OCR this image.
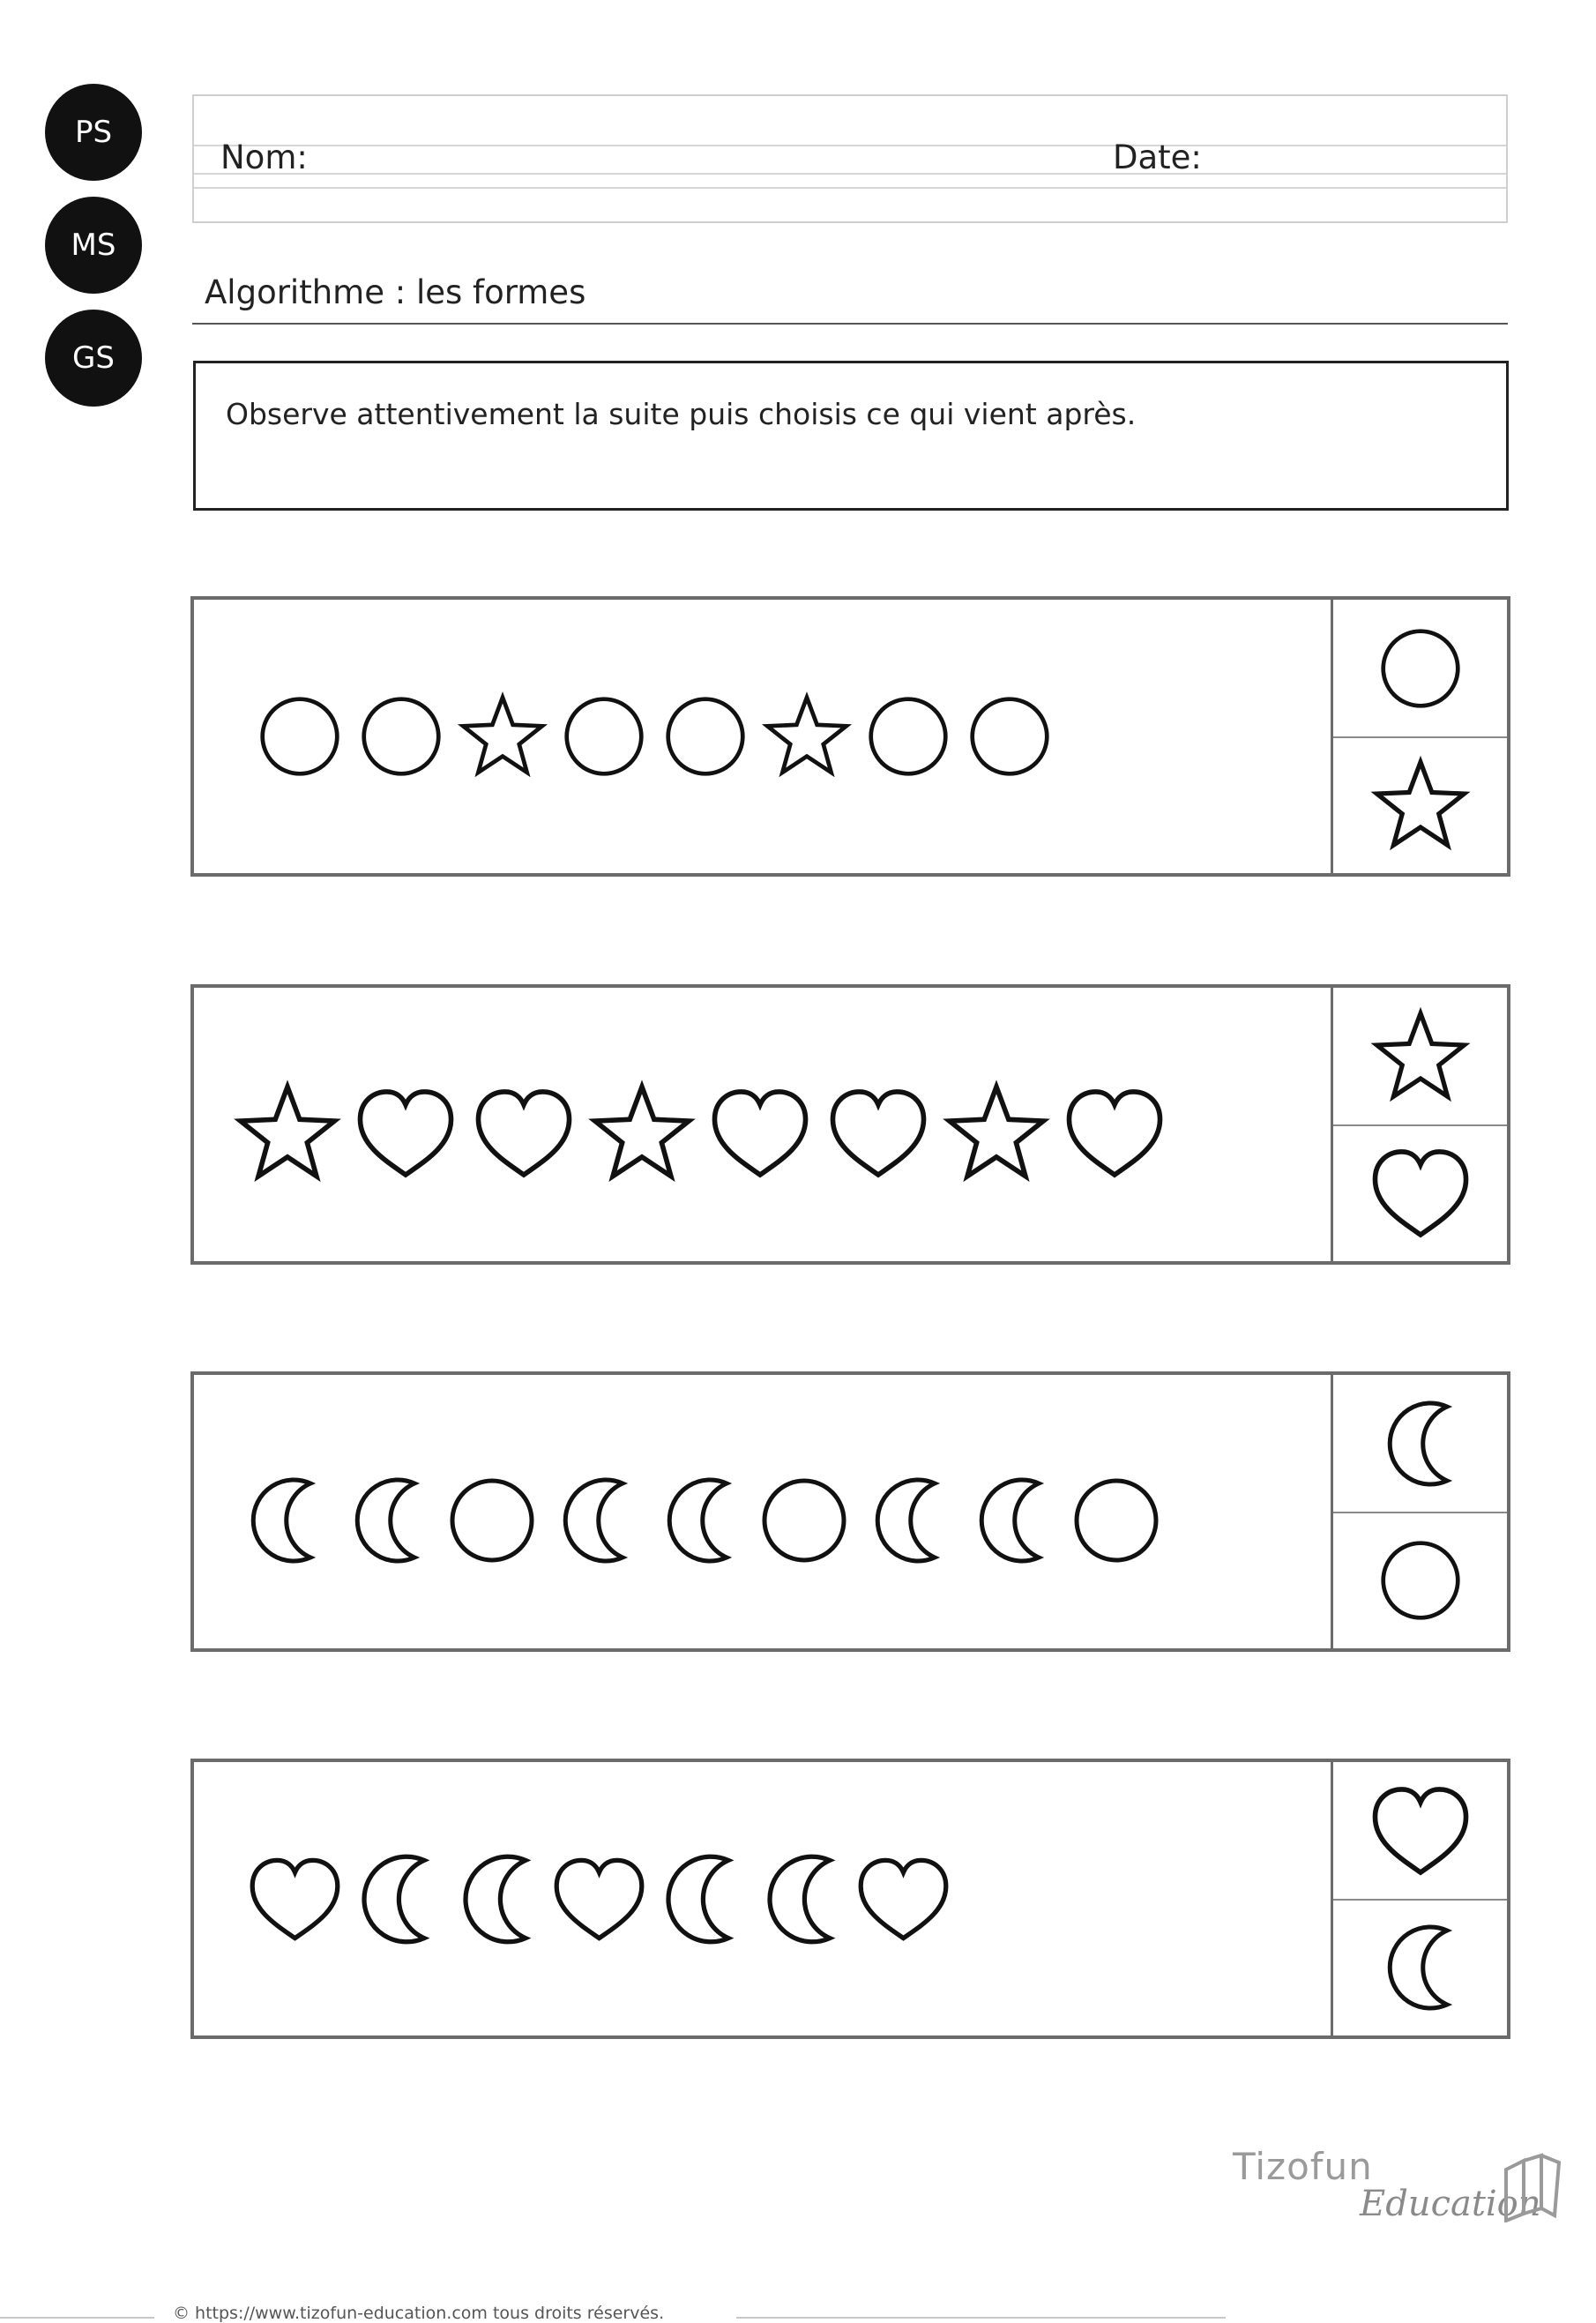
PS
MS
GS
Nom:	Date:
Algorithme : les formes
Observe attentivement la suite puis choisis ce qui vient après.
© https://www.tizofun-education.com tous droits réservés.
Tizofun
Education
